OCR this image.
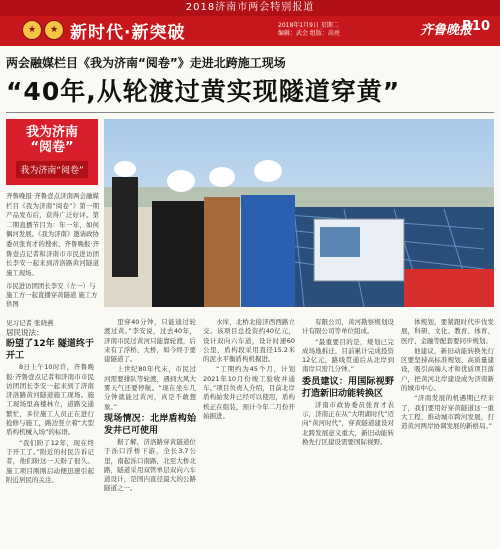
2018济南市两会特别报道
★	★ 新时代·新突破	2018年1月9日 星期二
编辑：武会 组版：高亮	齐鲁晚报
B10
两会融媒栏目《我为济南“阅卷”》走进北跨施工现场
“40年,从轮渡过黄实现隧道穿黄”
我为济南
“阅卷”
我为济南“阅卷”
齐鲁晚报·齐鲁壹点济南两会融媒栏目《我为济南“阅卷”》第一期产品发布后，获得广泛好评。第二期直播节目为：年一年，如何偶河发展。《我为济南》邀请政协委员张育才的搜索、齐鲁晚报·齐鲁壹点记者和济南市市民进访团长李安一起来到济洛路黄河隧道施工现场。
市民进访团团长李安（左一）与施工方一起直播穿黄隧道 施工方供图
见习记者 张晓燕

居民说法：

盼望了12年 隧道终于开工

8日上午10时许，齐鲁晚报·齐鲁壹点记者和济南市市民访团团长李安一起来到了济南济洛路黄河隧道施工现场。施工现场里高楼林立，道路交通繁忙，多位施工人员正在进行抢修与施工，路边竖立着“大型盾构机械入场”的标语。

“我们盼了12年，现在终于开工了。”附近的村民告诉记者，他们盼这一天盼了很久。施工项目刚刚启动便迅速引起附近居民的关注。

里穿40分钟，只能通过轮渡过黄。”李安说，过去40年，济南市民过黄河只能靠轮渡，后来有了浮桥、大桥，如今终于要建隧道了。

上世纪80年代末，市民过河需要排队等轮渡，遇到大风大雾天气还要停航。“现在坐车几分钟就能过黄河，真是不敢想象。”

现场情况：北岸盾构始发井已可使用

据了解，济洛路穿黄隧道位于泺口浮桥下游，全长3.7公里，南起泺口南路，北至大桥北路，隧道采用双管单层双向六车道设计，是国内直径最大的公路隧道之一。

水库，北桥北接济西西路立交。该项目总投资约40亿元，设计双向六车道，设计时速60公里，盾构段采用直径15.2米的泥水平衡盾构机掘进。

“工期约为45个月，计划2021年10月份竣工验收并通车。”项目负责人介绍，目前北岸盾构始发井已经可以使用，盾构机正在组装，预计今年二月份开始掘进。

有限公司，黄河勘察规划设计有限公司等单位组成。

“最重要目的是，规划已完成场地拆迁，目前累计完成投资12亿元，路线贯通后从北岸到南岸只需几分钟。”

委员建议：用国际视野打造新旧动能转换区

济南市政协委员张育才表示，济南正在从“大明湖时代”迈向“黄河时代”，穿黄隧道建设对北跨发展意义重大，新旧动能转换先行区建设需要国际视野。

体规划，要紧跟时代步伐发展，科研、文化、教育、体育、医疗、金融等配套要同步规划。

他建议，新旧动能转换先行区要坚持高标准规划、高质量建设，吸引高端人才和优质项目落户，把黄河北岸建设成为济南新的城市中心。

“济南发展的机遇期已经来了，我们要用好穿黄隧道这一重大工程，推动城市跨河发展，打造黄河两岸协调发展的新格局。”
